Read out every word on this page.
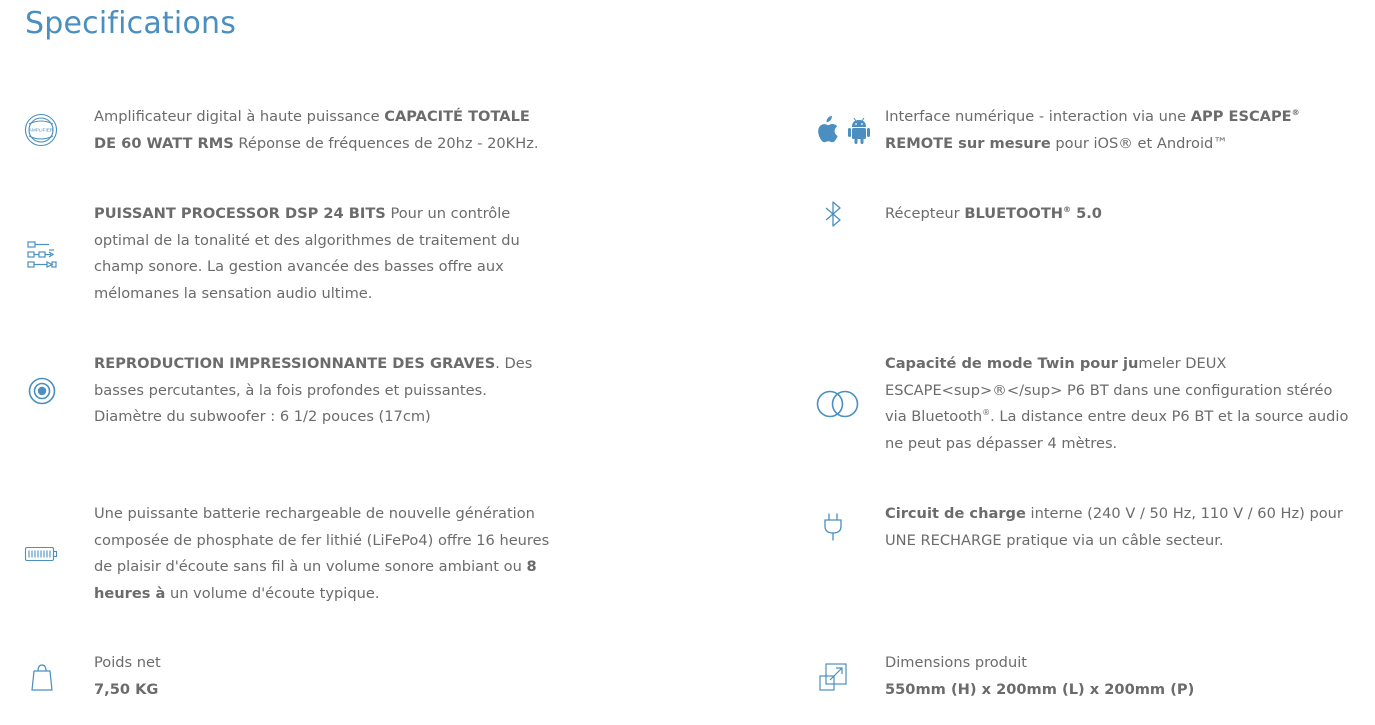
Specifications
AMPLIFIER
Amplificateur digital à haute puissance CAPACITÉ TOTALE DE 60 WATT RMS Réponse de fréquences de 20hz - 20KHz.
PUISSANT PROCESSOR DSP 24 BITS Pour un contrôle optimal de la tonalité et des algorithmes de traitement du champ sonore. La gestion avancée des basses offre aux mélomanes la sensation audio ultime.
REPRODUCTION IMPRESSIONNANTE DES GRAVES. Des basses percutantes, à la fois profondes et puissantes. Diamètre du subwoofer : 6 1/2 pouces (17cm)
Une puissante batterie rechargeable de nouvelle génération composée de phosphate de fer lithié (LiFePo4) offre 16 heures de plaisir d'écoute sans fil à un volume sonore ambiant ou 8 heures à un volume d'écoute typique.
Poids net
7,50 KG
Interface numérique - interaction via une APP ESCAPE® REMOTE sur mesure pour iOS® et Android™
Récepteur BLUETOOTH® 5.0
Capacité de mode Twin pour jumeler DEUX ESCAPE<sup>®</sup> P6 BT dans une configuration stéréo via Bluetooth®. La distance entre deux P6 BT et la source audio ne peut pas dépasser 4 mètres.
Circuit de charge interne (240 V / 50 Hz, 110 V / 60 Hz) pour UNE RECHARGE pratique via un câble secteur.
Dimensions produit
550mm (H) x 200mm (L) x 200mm (P)
